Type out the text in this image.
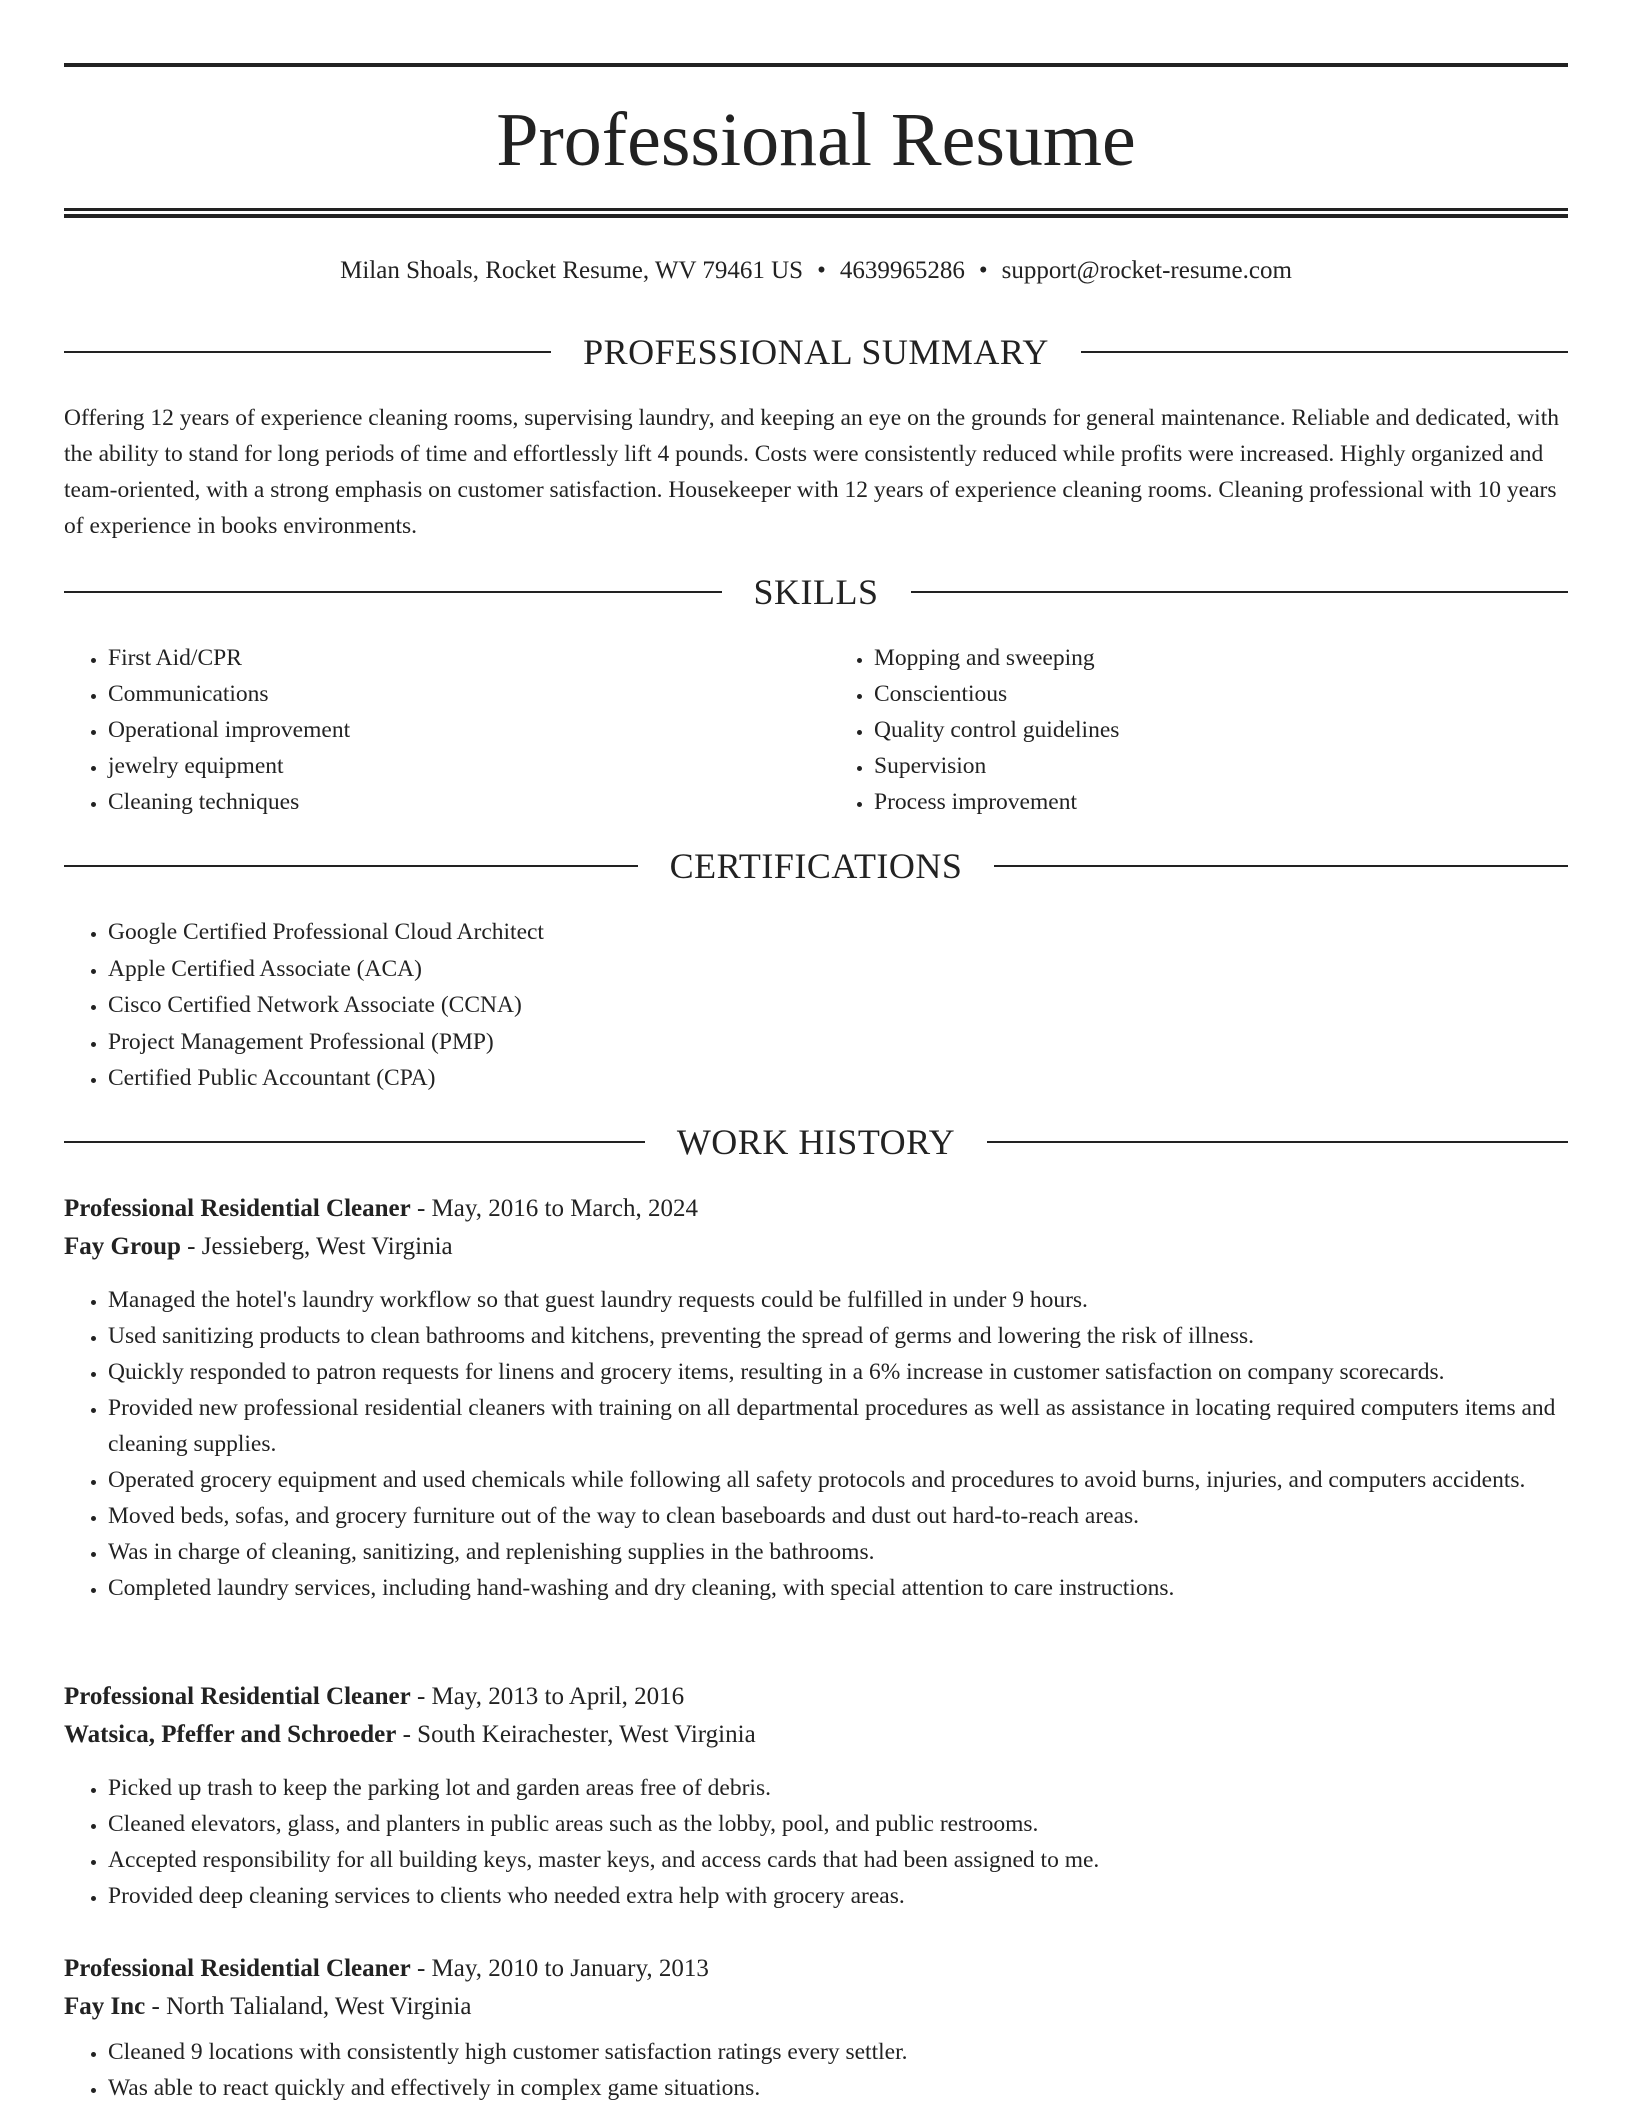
Professional Resume
Milan Shoals, Rocket Resume, WV 79461 US • 4639965286 • support@rocket-resume.com
PROFESSIONAL SUMMARY

Offering 12 years of experience cleaning rooms, supervising laundry, and keeping an eye on the grounds for general maintenance. Reliable and dedicated, with the ability to stand for long periods of time and effortlessly lift 4 pounds. Costs were consistently reduced while profits were increased. Highly organized and team-oriented, with a strong emphasis on customer satisfaction. Housekeeper with 12 years of experience cleaning rooms. Cleaning professional with 10 years of experience in books environments.

SKILLS
• First Aid/CPR
• Communications
• Operational improvement
• jewelry equipment
• Cleaning techniques
• Mopping and sweeping
• Conscientious
• Quality control guidelines
• Supervision
• Process improvement
CERTIFICATIONS
• Google Certified Professional Cloud Architect
• Apple Certified Associate (ACA)
• Cisco Certified Network Associate (CCNA)
• Project Management Professional (PMP)
• Certified Public Accountant (CPA)
WORK HISTORY

Professional Residential Cleaner - May, 2016 to March, 2024

Fay Group - Jessieberg, West Virginia

• Managed the hotel's laundry workflow so that guest laundry requests could be fulfilled in under 9 hours.
• Used sanitizing products to clean bathrooms and kitchens, preventing the spread of germs and lowering the risk of illness.
• Quickly responded to patron requests for linens and grocery items, resulting in a 6% increase in customer satisfaction on company scorecards.
• Provided new professional residential cleaners with training on all departmental procedures as well as assistance in locating required computers items and cleaning supplies.
• Operated grocery equipment and used chemicals while following all safety protocols and procedures to avoid burns, injuries, and computers accidents.
• Moved beds, sofas, and grocery furniture out of the way to clean baseboards and dust out hard-to-reach areas.
• Was in charge of cleaning, sanitizing, and replenishing supplies in the bathrooms.
• Completed laundry services, including hand-washing and dry cleaning, with special attention to care instructions.

Professional Residential Cleaner - May, 2013 to April, 2016

Watsica, Pfeffer and Schroeder - South Keirachester, West Virginia

• Picked up trash to keep the parking lot and garden areas free of debris.
• Cleaned elevators, glass, and planters in public areas such as the lobby, pool, and public restrooms.
• Accepted responsibility for all building keys, master keys, and access cards that had been assigned to me.
• Provided deep cleaning services to clients who needed extra help with grocery areas.

Professional Residential Cleaner - May, 2010 to January, 2013

Fay Inc - North Talialand, West Virginia

• Cleaned 9 locations with consistently high customer satisfaction ratings every settler.
• Was able to react quickly and effectively in complex game situations.
